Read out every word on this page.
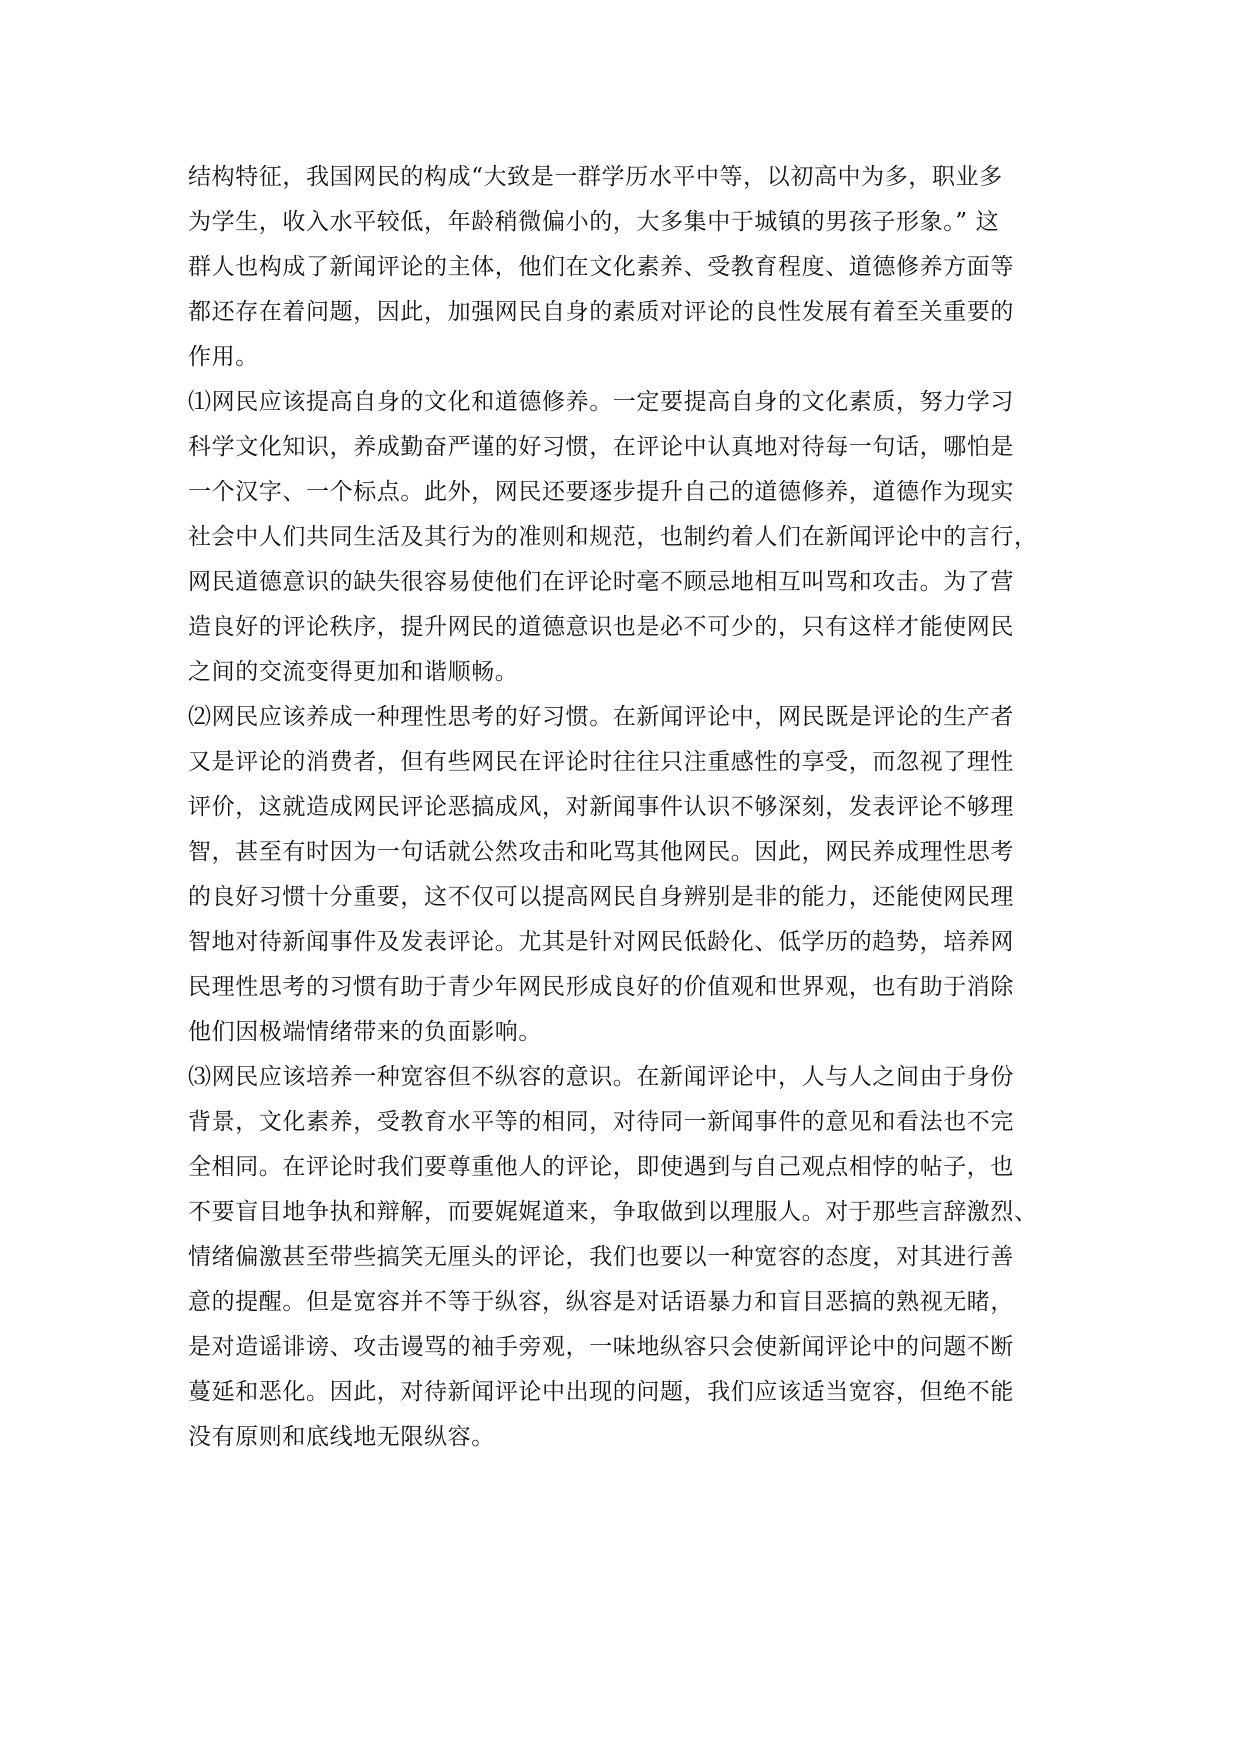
结构特征，我国网民的构成“大致是一群学历水平中等，以初高中为多，职业多
为学生，收入水平较低，年龄稍微偏小的，大多集中于城镇的男孩子形象。” 这
群人也构成了新闻评论的主体，他们在文化素养、受教育程度、道德修养方面等
都还存在着问题，因此，加强网民自身的素质对评论的良性发展有着至关重要的
作用。
⑴网民应该提高自身的文化和道德修养。一定要提高自身的文化素质，努力学习
科学文化知识，养成勤奋严谨的好习惯，在评论中认真地对待每一句话，哪怕是
一个汉字、一个标点。此外，网民还要逐步提升自己的道德修养，道德作为现实
社会中人们共同生活及其行为的准则和规范，也制约着人们在新闻评论中的言行，
网民道德意识的缺失很容易使他们在评论时毫不顾忌地相互叫骂和攻击。为了营
造良好的评论秩序，提升网民的道德意识也是必不可少的，只有这样才能使网民
之间的交流变得更加和谐顺畅。
⑵网民应该养成一种理性思考的好习惯。在新闻评论中，网民既是评论的生产者
又是评论的消费者，但有些网民在评论时往往只注重感性的享受，而忽视了理性
评价，这就造成网民评论恶搞成风，对新闻事件认识不够深刻，发表评论不够理
智，甚至有时因为一句话就公然攻击和叱骂其他网民。因此，网民养成理性思考
的良好习惯十分重要，这不仅可以提高网民自身辨别是非的能力，还能使网民理
智地对待新闻事件及发表评论。尤其是针对网民低龄化、低学历的趋势，培养网
民理性思考的习惯有助于青少年网民形成良好的价值观和世界观，也有助于消除
他们因极端情绪带来的负面影响。
⑶网民应该培养一种宽容但不纵容的意识。在新闻评论中，人与人之间由于身份
背景，文化素养，受教育水平等的相同，对待同一新闻事件的意见和看法也不完
全相同。在评论时我们要尊重他人的评论，即使遇到与自己观点相悖的帖子，也
不要盲目地争执和辩解，而要娓娓道来，争取做到以理服人。对于那些言辞激烈、
情绪偏激甚至带些搞笑无厘头的评论，我们也要以一种宽容的态度，对其进行善
意的提醒。但是宽容并不等于纵容，纵容是对话语暴力和盲目恶搞的熟视无睹，
是对造谣诽谤、攻击谩骂的袖手旁观，一味地纵容只会使新闻评论中的问题不断
蔓延和恶化。因此，对待新闻评论中出现的问题，我们应该适当宽容，但绝不能
没有原则和底线地无限纵容。
